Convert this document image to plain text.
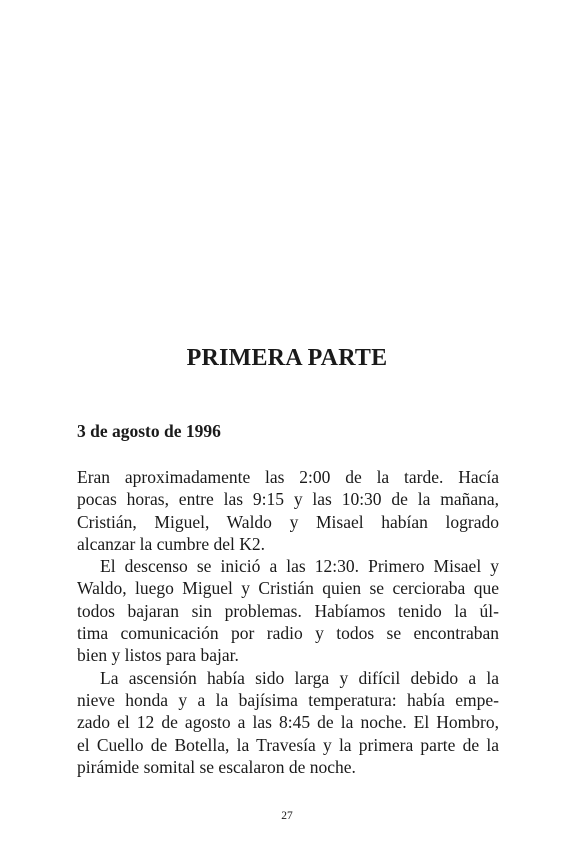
PRIMERA PARTE
3 de agosto de 1996
Eran aproximadamente las 2:00 de la tarde. Hacía
pocas horas, entre las 9:15 y las 10:30 de la mañana,
Cristián, Miguel, Waldo y Misael habían logrado
alcanzar la cumbre del K2.
El descenso se inició a las 12:30. Primero Misael y
Waldo, luego Miguel y Cristián quien se cercioraba que
todos bajaran sin problemas. Habíamos tenido la úl-
tima comunicación por radio y todos se encontraban
bien y listos para bajar.
La ascensión había sido larga y difícil debido a la
nieve honda y a la bajísima temperatura: había empe-
zado el 12 de agosto a las 8:45 de la noche. El Hombro,
el Cuello de Botella, la Travesía y la primera parte de la
pirámide somital se escalaron de noche.
27
